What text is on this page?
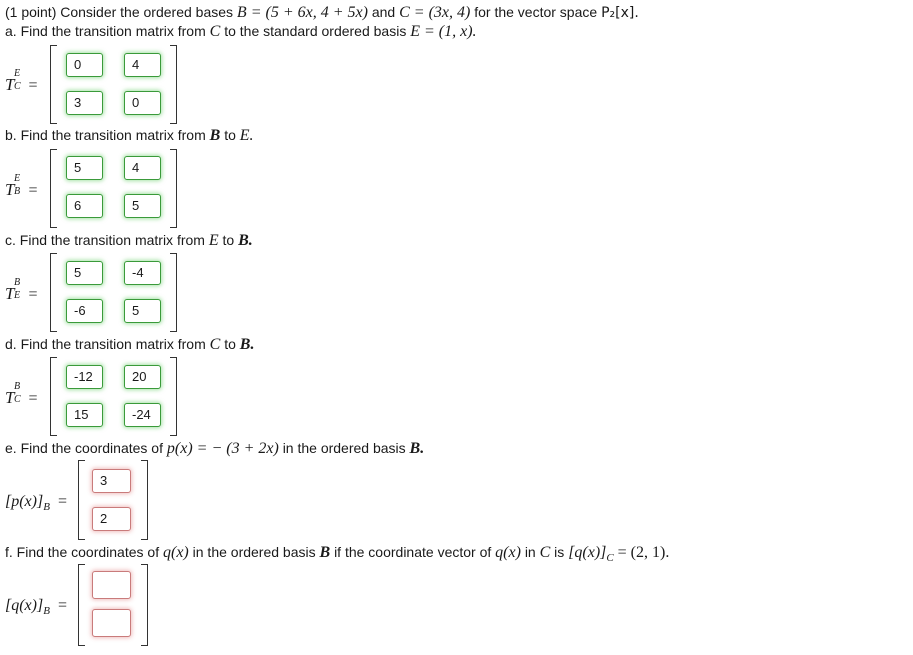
(1 point) Consider the ordered bases B = (5 + 6x, 4 + 5x) and C = (3x, 4) for the vector space P₂[x].
a. Find the transition matrix from C to the standard ordered basis E = (1, x).
T
E
C =
0	4
3	0
b. Find the transition matrix from B to E.
T
E
B =
5	4
6	5
c. Find the transition matrix from E to B.
T
B
E =
5	-4
-6	5
d. Find the transition matrix from C to B.
T
B
C =
-12	20
15	-24
e. Find the coordinates of p(x) = − (3 + 2x) in the ordered basis B.
$[p(x)]_B$ =
3
2
f. Find the coordinates of q(x) in the ordered basis B if the coordinate vector of q(x) in C is $[q(x)]_C = (2$, 1).
$[q(x)]_B$ =
